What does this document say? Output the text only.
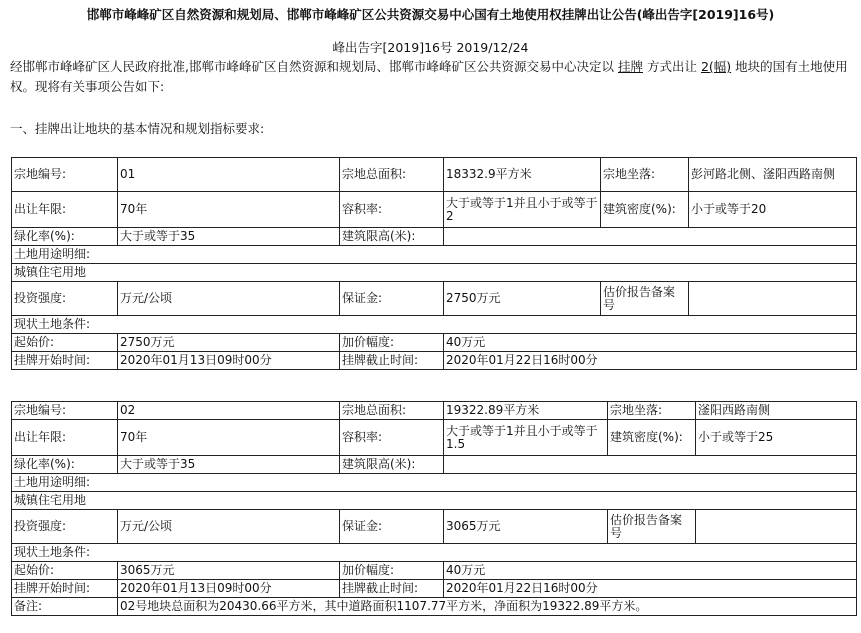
邯郸市峰峰矿区自然资源和规划局、邯郸市峰峰矿区公共资源交易中心国有土地使用权挂牌出让公告(峰出告字[2019]16号)
峰出告字[2019]16号 2019/12/24
经邯郸市峰峰矿区人民政府批准,邯郸市峰峰矿区自然资源和规划局、邯郸市峰峰矿区公共资源交易中心决定以 挂牌 方式出让 2(幅) 地块的国有土地使用权。现将有关事项公告如下:
一、挂牌出让地块的基本情况和规划指标要求:
宗地编号:	01	宗地总面积:	18332.9平方米	宗地坐落:	彭河路北侧、滏阳西路南侧
出让年限:	70年	容积率:	大于或等于1并且小于或等于2	建筑密度(%):	小于或等于20
绿化率(%):	大于或等于35	建筑限高(米):			
土地用途明细:					
城镇住宅用地					
投资强度:	万元/公顷	保证金:	2750万元	估价报告备案号	
现状土地条件:					
起始价:	2750万元	加价幅度:	40万元		
挂牌开始时间:	2020年01月13日09时00分	挂牌截止时间:	2020年01月22日16时00分		
宗地编号:	02	宗地总面积:	19322.89平方米	宗地坐落:	滏阳西路南侧
出让年限:	70年	容积率:	大于或等于1并且小于或等于1.5	建筑密度(%):	小于或等于25
绿化率(%):	大于或等于35	建筑限高(米):			
土地用途明细:					
城镇住宅用地					
投资强度:	万元/公顷	保证金:	3065万元	估价报告备案号	
现状土地条件:					
起始价:	3065万元	加价幅度:	40万元		
挂牌开始时间:	2020年01月13日09时00分	挂牌截止时间:	2020年01月22日16时00分		
备注:	02号地块总面积为20430.66平方米，其中道路面积1107.77平方米，净面积为19322.89平方米。				
